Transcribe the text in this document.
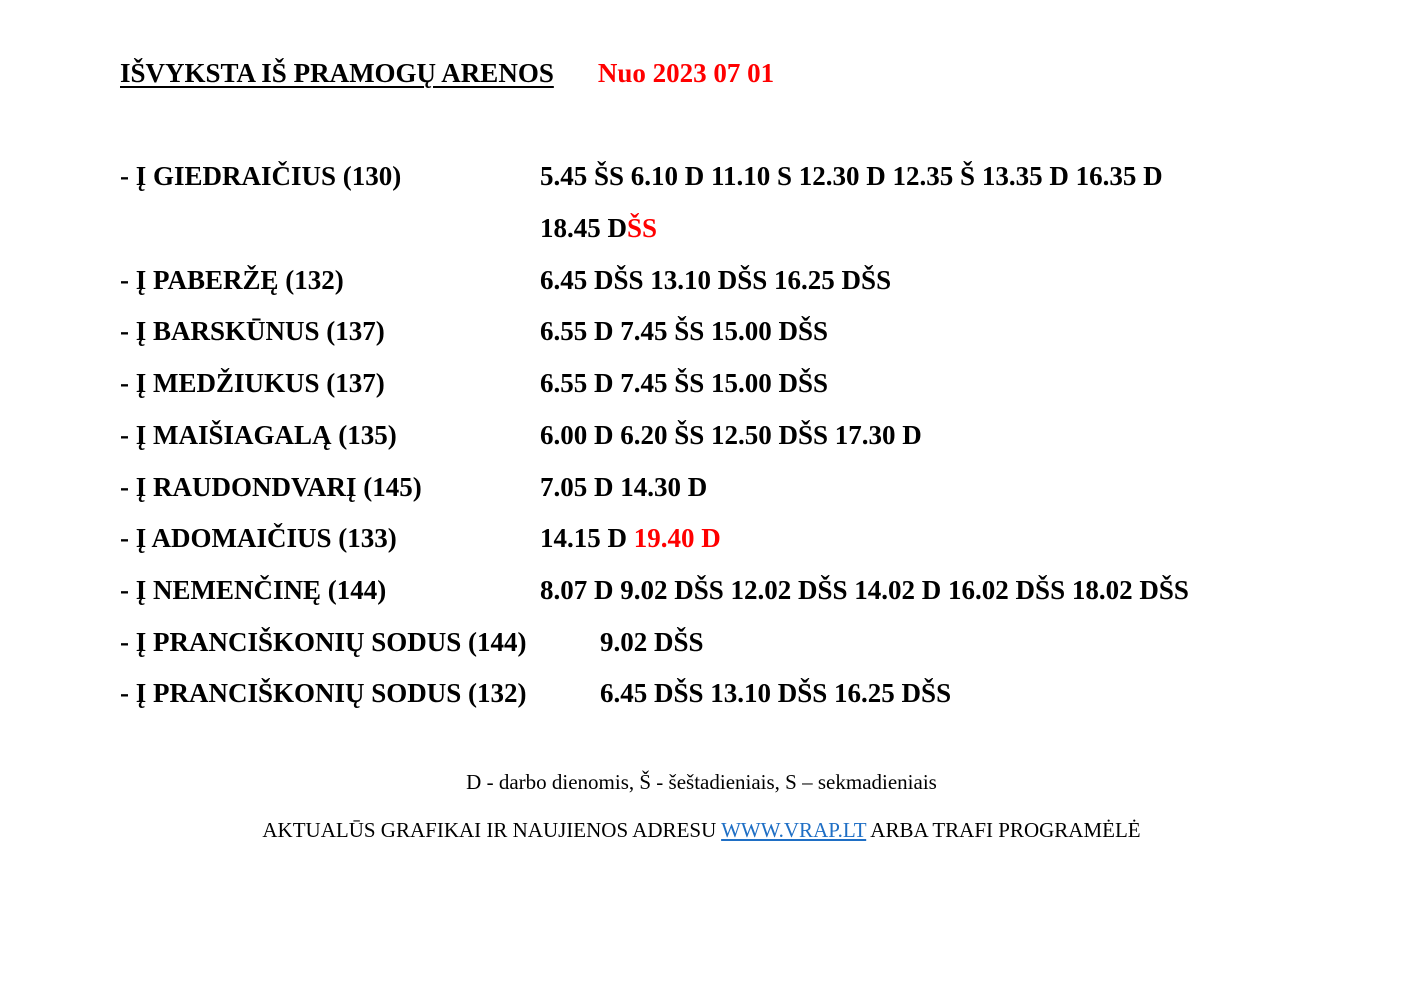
IŠVYKSTA IŠ PRAMOGŲ ARENOS Nuo 2023 07 01
- Į GIEDRAIČIUS (130)	5.45 ŠS 6.10 D 11.10 S 12.30 D 12.35 Š 13.35 D 16.35 D
18.45 DŠS
- Į PABERŽĘ (132)	6.45 DŠS 13.10 DŠS 16.25 DŠS
- Į BARSKŪNUS (137)	6.55 D 7.45 ŠS 15.00 DŠS
- Į MEDŽIUKUS (137)	6.55 D 7.45 ŠS 15.00 DŠS
- Į MAIŠIAGALĄ (135)	6.00 D 6.20 ŠS 12.50 DŠS 17.30 D
- Į RAUDONDVARĮ (145)	7.05 D 14.30 D
- Į ADOMAIČIUS (133)	14.15 D 19.40 D
- Į NEMENČINĘ (144)	8.07 D 9.02 DŠS 12.02 DŠS 14.02 D 16.02 DŠS 18.02 DŠS
- Į PRANCIŠKONIŲ SODUS (144)	9.02 DŠS
- Į PRANCIŠKONIŲ SODUS (132)	6.45 DŠS 13.10 DŠS 16.25 DŠS
D - darbo dienomis, Š - šeštadieniais, S – sekmadieniais
AKTUALŪS GRAFIKAI IR NAUJIENOS ADRESU WWW.VRAP.LT ARBA TRAFI PROGRAMĖLĖ
